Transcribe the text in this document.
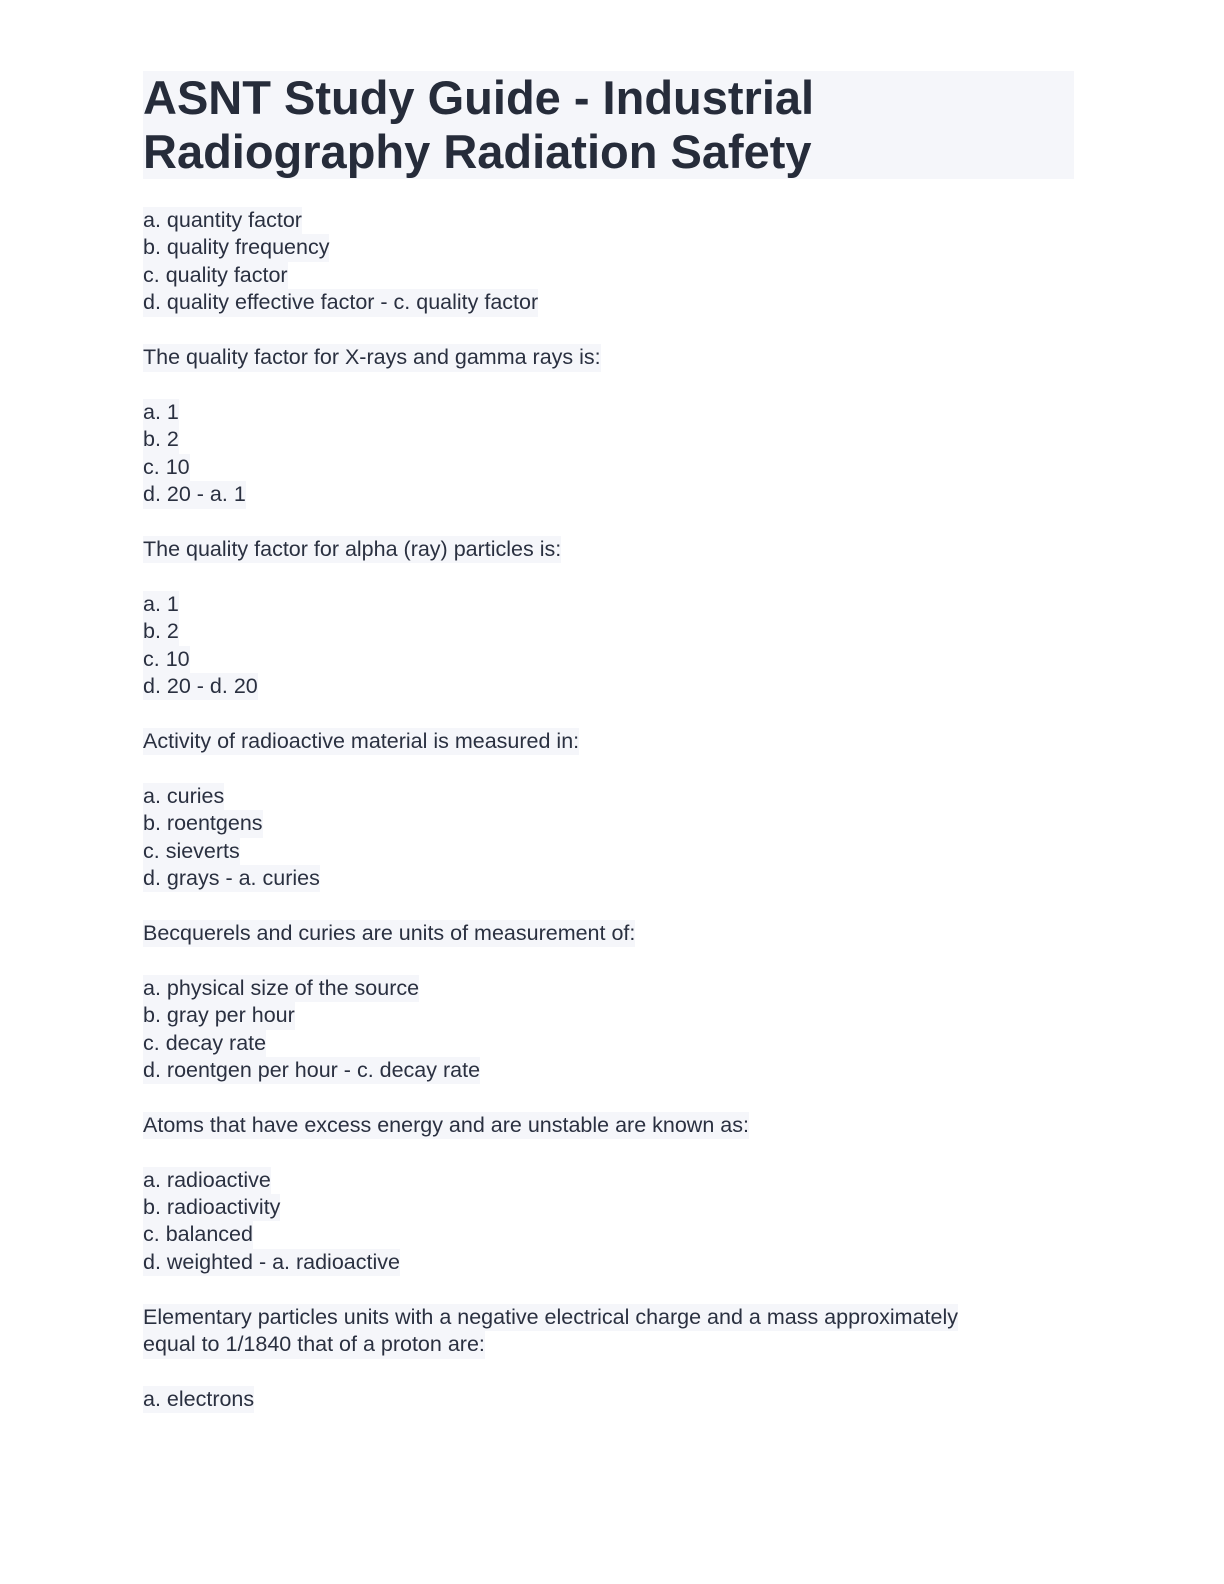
ASNT Study Guide - Industrial
Radiography Radiation Safety
a. quantity factor
b. quality frequency
c. quality factor
d. quality effective factor - c. quality factor
The quality factor for X-rays and gamma rays is:
a. 1
b. 2
c. 10
d. 20 - a. 1
The quality factor for alpha (ray) particles is:
a. 1
b. 2
c. 10
d. 20 - d. 20
Activity of radioactive material is measured in:
a. curies
b. roentgens
c. sieverts
d. grays - a. curies
Becquerels and curies are units of measurement of:
a. physical size of the source
b. gray per hour
c. decay rate
d. roentgen per hour - c. decay rate
Atoms that have excess energy and are unstable are known as:
a. radioactive
b. radioactivity
c. balanced
d. weighted - a. radioactive
Elementary particles units with a negative electrical charge and a mass approximately
equal to 1/1840 that of a proton are:
a. electrons
